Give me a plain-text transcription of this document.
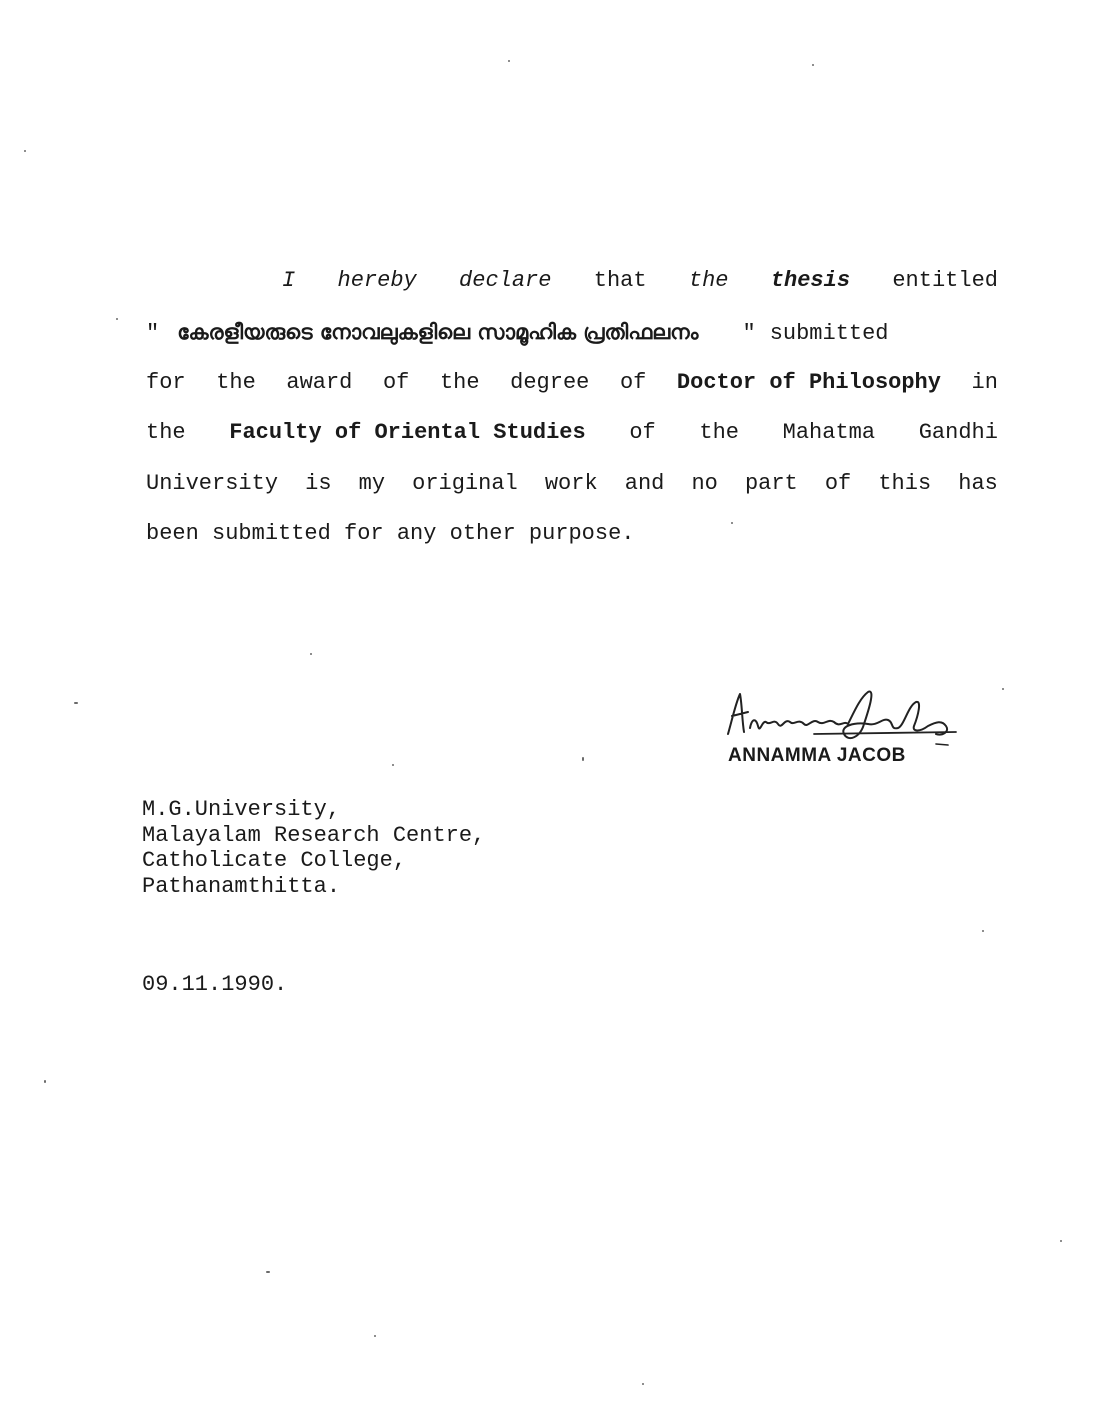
I hereby declare that the thesis entitled
" കേരളീയരുടെ നോവലുകളിലെ സാമൂഹിക പ്രതിഫലനം " submitted
for the award of the degree of Doctor of Philosophy in
the Faculty of Oriental Studies of the Mahatma Gandhi
University is my original work and no part of this has
been submitted for any other purpose.
ANNAMMA JACOB
M.G.University,
Malayalam Research Centre,
Catholicate College,
Pathanamthitta.
09.11.1990.
